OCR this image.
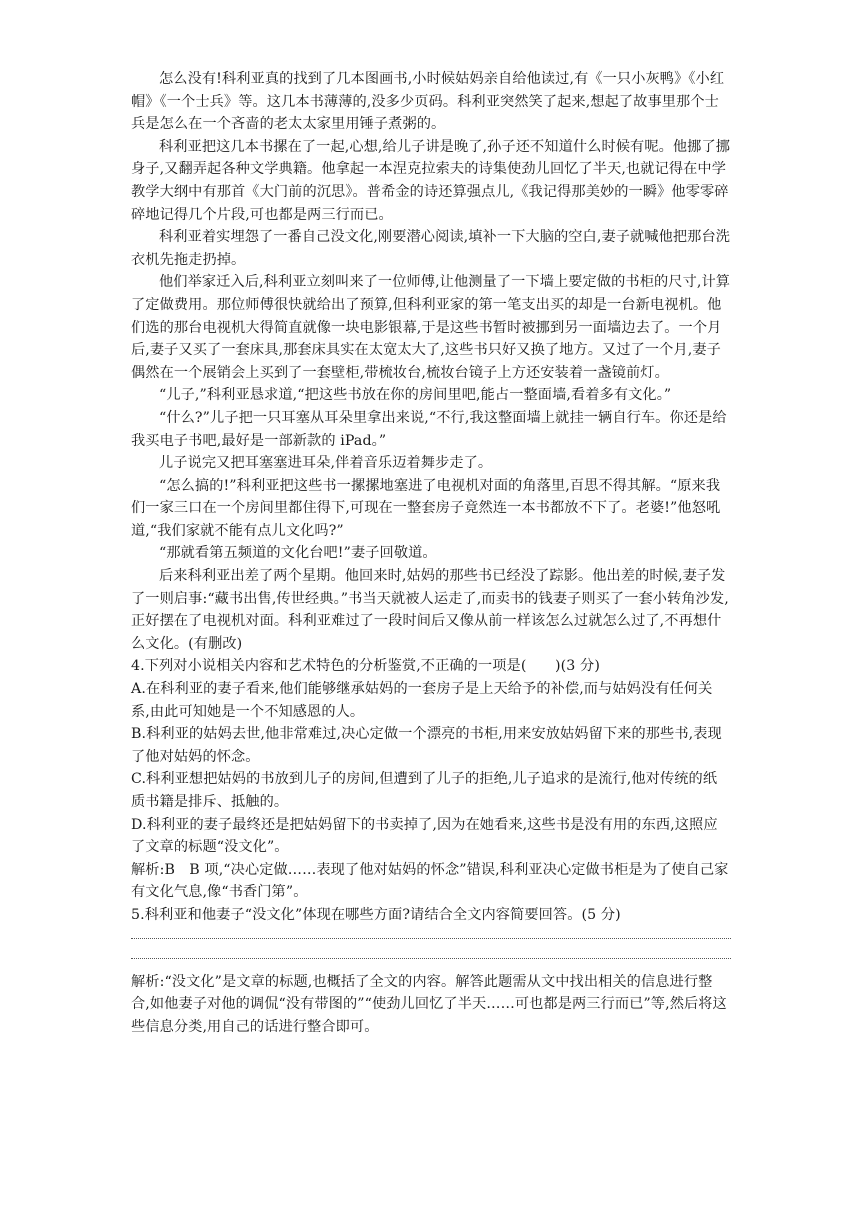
怎么没有!科利亚真的找到了几本图画书,小时候姑妈亲自给他读过,有《一只小灰鸭》《小红帽》《一个士兵》等。这几本书薄薄的,没多少页码。科利亚突然笑了起来,想起了故事里那个士兵是怎么在一个吝啬的老太太家里用锤子煮粥的。

科利亚把这几本书摞在了一起,心想,给儿子讲是晚了,孙子还不知道什么时候有呢。他挪了挪身子,又翻弄起各种文学典籍。他拿起一本涅克拉索夫的诗集使劲儿回忆了半天,也就记得在中学教学大纲中有那首《大门前的沉思》。普希金的诗还算强点儿,《我记得那美妙的一瞬》他零零碎碎地记得几个片段,可也都是两三行而已。

科利亚着实埋怨了一番自己没文化,刚要潜心阅读,填补一下大脑的空白,妻子就喊他把那台洗衣机先拖走扔掉。

他们举家迁入后,科利亚立刻叫来了一位师傅,让他测量了一下墙上要定做的书柜的尺寸,计算了定做费用。那位师傅很快就给出了预算,但科利亚家的第一笔支出买的却是一台新电视机。他们选的那台电视机大得简直就像一块电影银幕,于是这些书暂时被挪到另一面墙边去了。一个月后,妻子又买了一套床具,那套床具实在太宽太大了,这些书只好又换了地方。又过了一个月,妻子偶然在一个展销会上买到了一套壁柜,带梳妆台,梳妆台镜子上方还安装着一盏镜前灯。

“儿子,”科利亚恳求道,“把这些书放在你的房间里吧,能占一整面墙,看着多有文化。”

“什么?”儿子把一只耳塞从耳朵里拿出来说,“不行,我这整面墙上就挂一辆自行车。你还是给我买电子书吧,最好是一部新款的 iPad。”

儿子说完又把耳塞塞进耳朵,伴着音乐迈着舞步走了。

“怎么搞的!”科利亚把这些书一摞摞地塞进了电视机对面的角落里,百思不得其解。“原来我们一家三口在一个房间里都住得下,可现在一整套房子竟然连一本书都放不下了。老婆!”他怒吼道,“我们家就不能有点儿文化吗?”

“那就看第五频道的文化台吧!”妻子回敬道。

后来科利亚出差了两个星期。他回来时,姑妈的那些书已经没了踪影。他出差的时候,妻子发了一则启事:“藏书出售,传世经典。”书当天就被人运走了,而卖书的钱妻子则买了一套小转角沙发,正好摆在了电视机对面。科利亚难过了一段时间后又像从前一样该怎么过就怎么过了,不再想什么文化。(有删改)

4.下列对小说相关内容和艺术特色的分析鉴赏,不正确的一项是(　　)(3 分)

A.在科利亚的妻子看来,他们能够继承姑妈的一套房子是上天给予的补偿,而与姑妈没有任何关系,由此可知她是一个不知感恩的人。

B.科利亚的姑妈去世,他非常难过,决心定做一个漂亮的书柜,用来安放姑妈留下来的那些书,表现了他对姑妈的怀念。

C.科利亚想把姑妈的书放到儿子的房间,但遭到了儿子的拒绝,儿子追求的是流行,他对传统的纸质书籍是排斥、抵触的。

D.科利亚的妻子最终还是把姑妈留下的书卖掉了,因为在她看来,这些书是没有用的东西,这照应了文章的标题“没文化”。

解析:B　B 项,“决心定做……表现了他对姑妈的怀念”错误,科利亚决心定做书柜是为了使自己家有文化气息,像“书香门第”。

5.科利亚和他妻子“没文化”体现在哪些方面?请结合全文内容简要回答。(5 分)

解析:“没文化”是文章的标题,也概括了全文的内容。解答此题需从文中找出相关的信息进行整合,如他妻子对他的调侃“没有带图的”“使劲儿回忆了半天……可也都是两三行而已”等,然后将这些信息分类,用自己的话进行整合即可。
